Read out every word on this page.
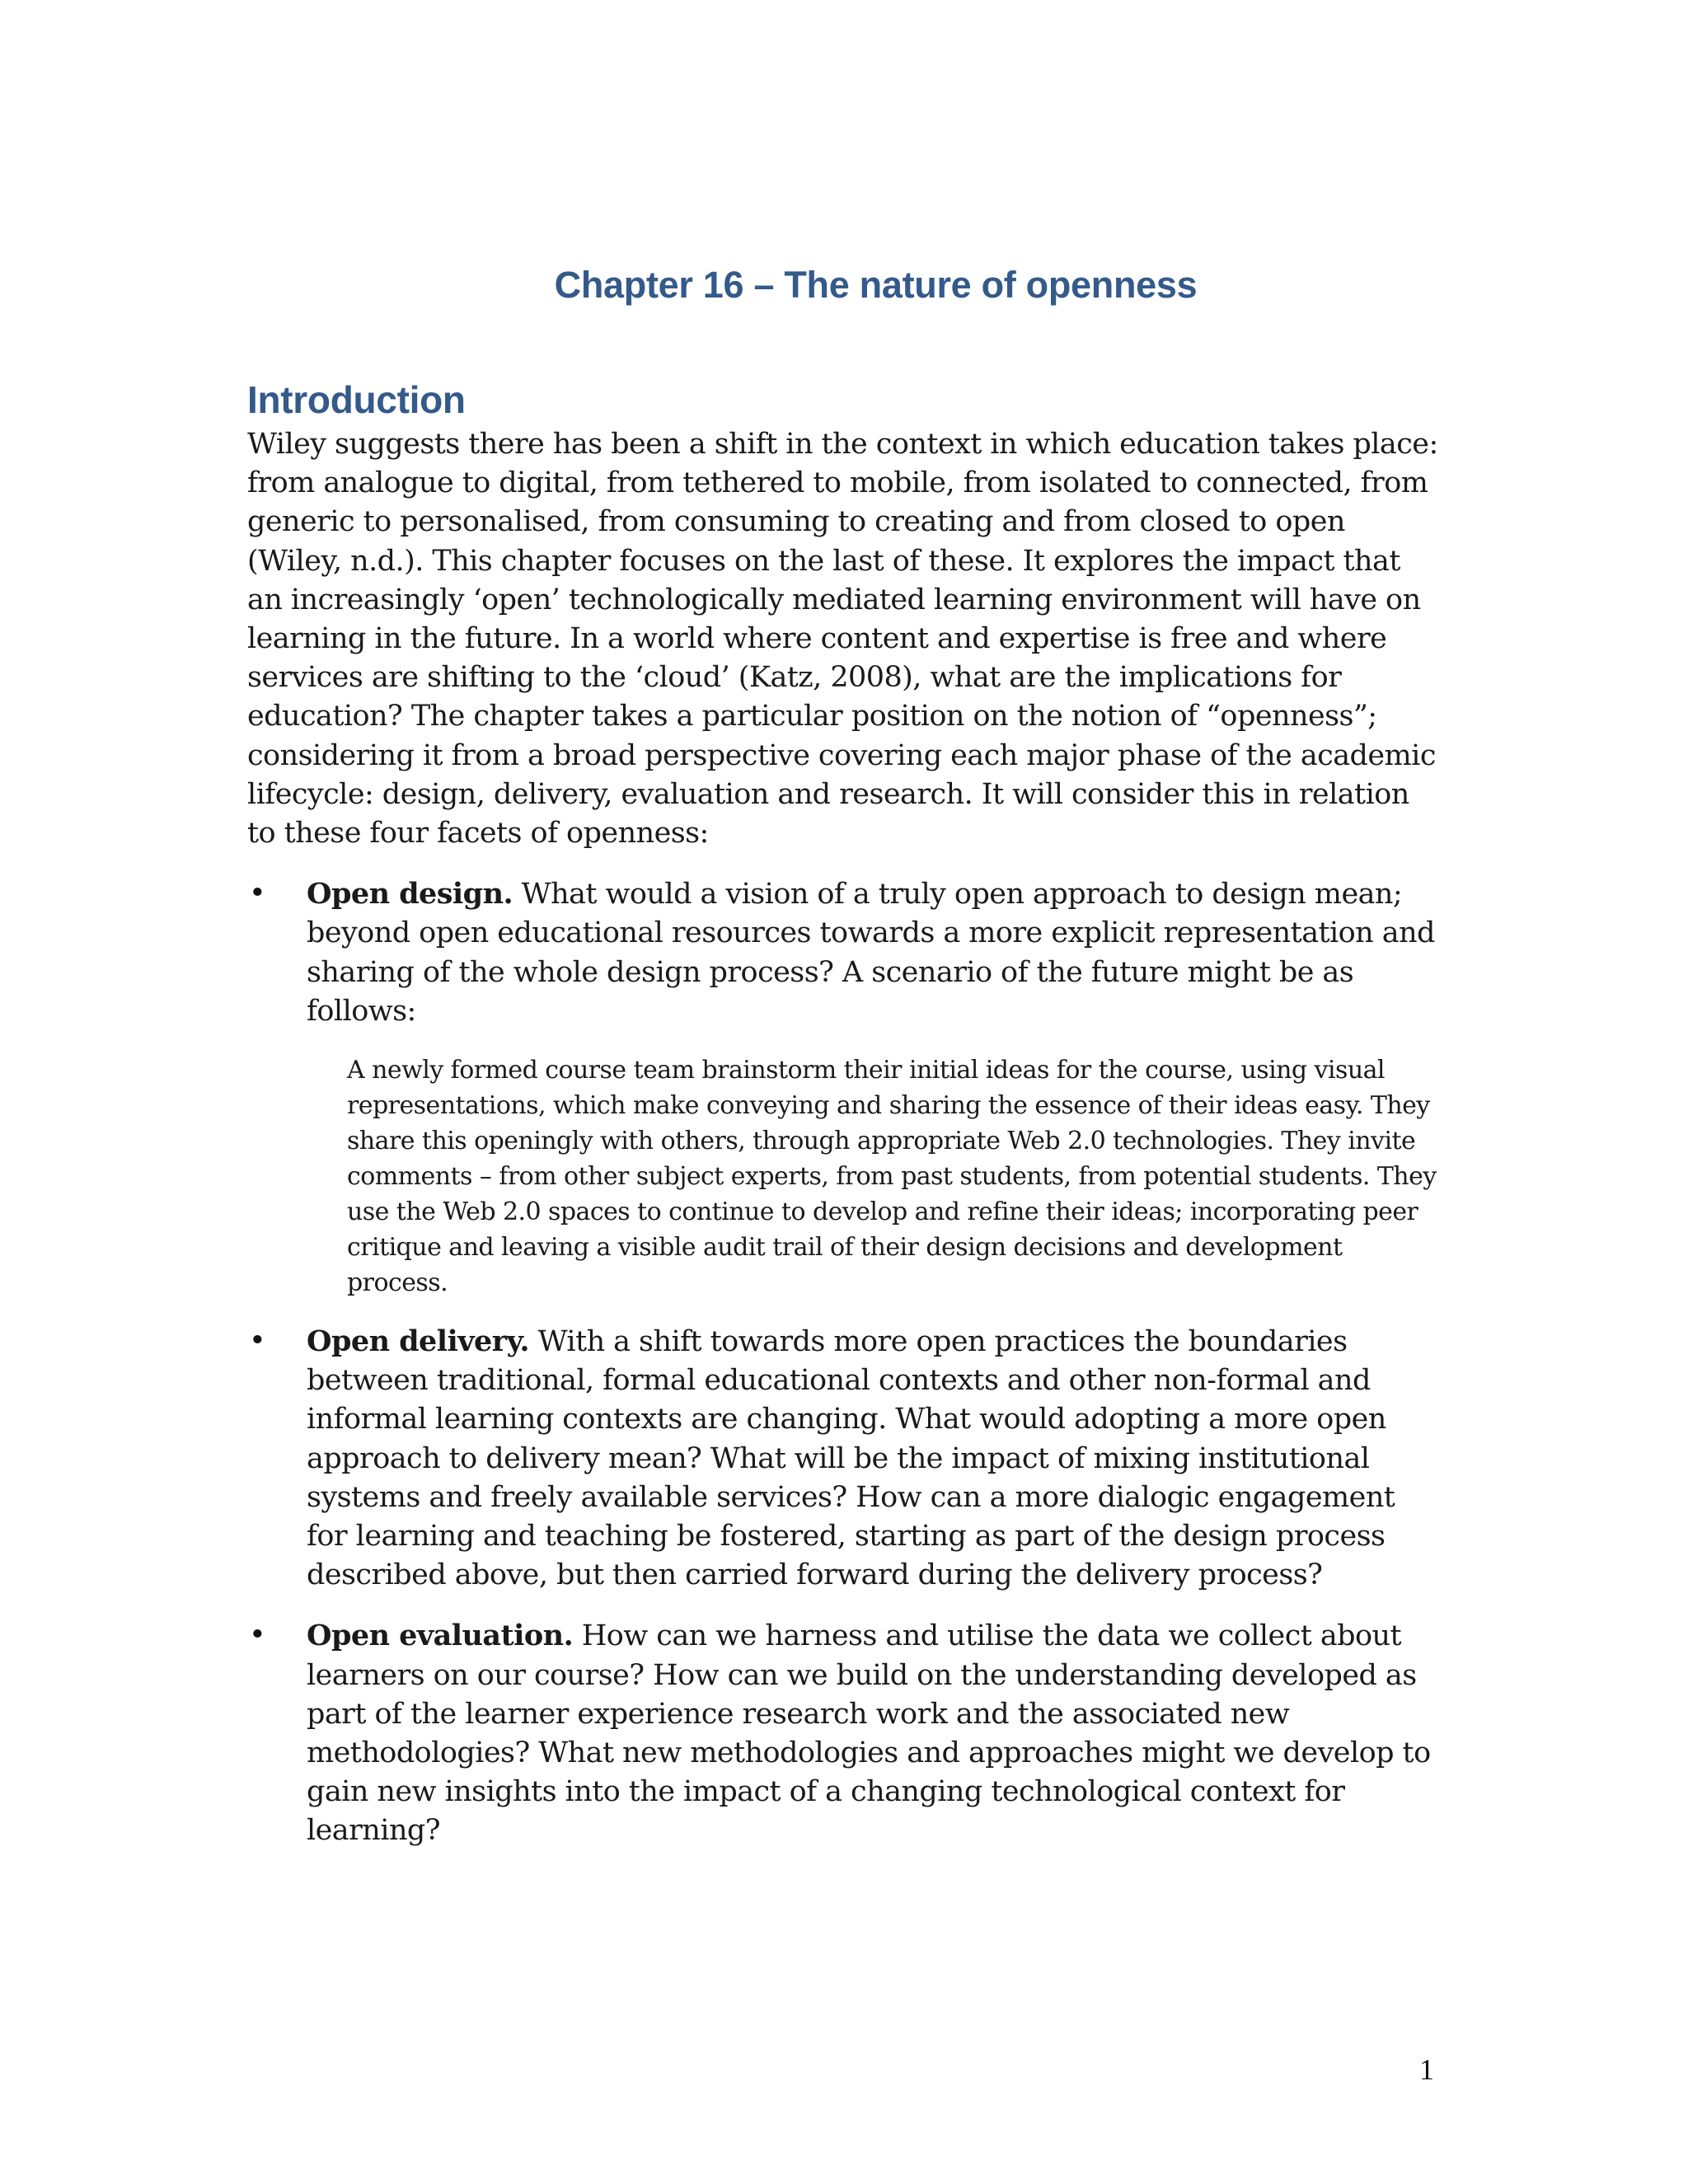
Chapter 16 – The nature of openness
Introduction

Wiley suggests there has been a shift in the context in which education takes place: from analogue to digital, from tethered to mobile, from isolated to connected, from generic to personalised, from consuming to creating and from closed to open (Wiley, n.d.). This chapter focuses on the last of these. It explores the impact that an increasingly ‘open’ technologically mediated learning environment will have on learning in the future. In a world where content and expertise is free and where services are shifting to the ‘cloud’ (Katz, 2008), what are the implications for education? The chapter takes a particular position on the notion of “openness”; considering it from a broad perspective covering each major phase of the academic lifecycle: design, delivery, evaluation and research. It will consider this in relation to these four facets of openness:

• Open design. What would a vision of a truly open approach to design mean; beyond open educational resources towards a more explicit representation and sharing of the whole design process? A scenario of the future might be as follows:

A newly formed course team brainstorm their initial ideas for the course, using visual representations, which make conveying and sharing the essence of their ideas easy. They share this openingly with others, through appropriate Web 2.0 technologies. They invite comments – from other subject experts, from past students, from potential students. They use the Web 2.0 spaces to continue to develop and refine their ideas; incorporating peer critique and leaving a visible audit trail of their design decisions and development process.

• Open delivery. With a shift towards more open practices the boundaries between traditional, formal educational contexts and other non-formal and informal learning contexts are changing. What would adopting a more open approach to delivery mean? What will be the impact of mixing institutional systems and freely available services? How can a more dialogic engagement for learning and teaching be fostered, starting as part of the design process described above, but then carried forward during the delivery process?

• Open evaluation. How can we harness and utilise the data we collect about learners on our course? How can we build on the understanding developed as part of the learner experience research work and the associated new methodologies? What new methodologies and approaches might we develop to gain new insights into the impact of a changing technological context for learning?

1
